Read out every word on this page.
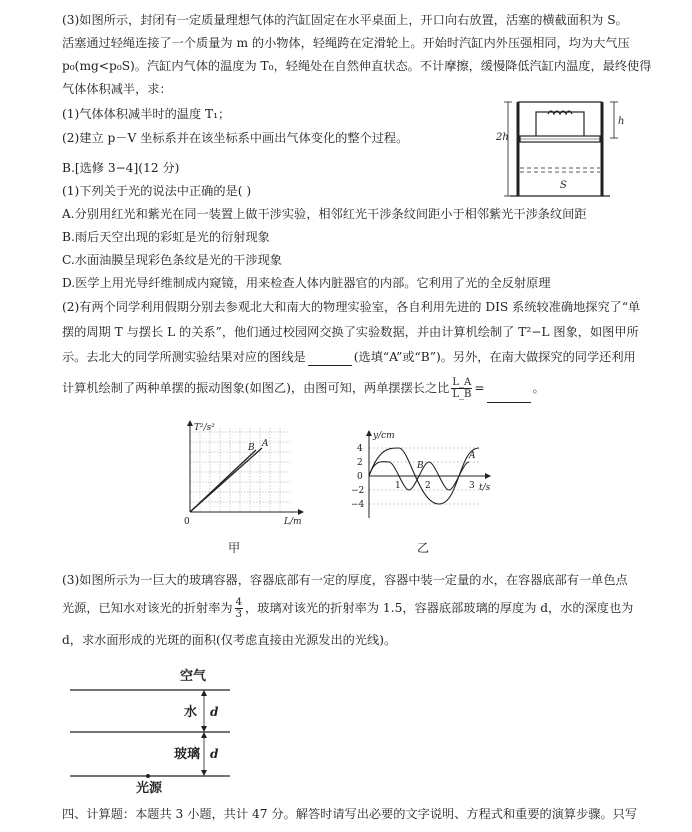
(3)如图所示，封闭有一定质量理想气体的汽缸固定在水平桌面上，开口向右放置，活塞的横截面积为 S。
活塞通过轻绳连接了一个质量为 m 的小物体，轻绳跨在定滑轮上。开始时汽缸内外压强相同，均为大气压
p₀(mg<p₀S)。汽缸内气体的温度为 T₀，轻绳处在自然伸直状态。不计摩擦，缓慢降低汽缸内温度，最终使得
气体体积减半，求：
(1)气体体积减半时的温度 T₁；
(2)建立 p－V 坐标系并在该坐标系中画出气体变化的整个过程。	2h
h
S
B.[选修 3−4](12 分)
(1)下列关于光的说法中正确的是( )
A.分别用红光和紫光在同一装置上做干涉实验，相邻红光干涉条纹间距小于相邻紫光干涉条纹间距
B.雨后天空出现的彩虹是光的衍射现象
C.水面油膜呈现彩色条纹是光的干涉现象
D.医学上用光导纤维制成内窥镜，用来检查人体内脏器官的内部。它利用了光的全反射原理
(2)有两个同学利用假期分别去参观北大和南大的物理实验室，各自利用先进的 DIS 系统较准确地探究了“单
摆的周期 T 与摆长 L 的关系”，他们通过校园网交换了实验数据，并由计算机绘制了 T²−L 图象，如图甲所
示。去北大的同学所测实验结果对应的图线是	(选填“A”或“B”)。另外，在南大做探究的同学还利用
计算机绘制了两种单摆的振动图象(如图乙)，由图可知，两单摆摆长之比 $\frac{L\_A}{L\_B}$ =	。
T²/s²
L/m
0
A
B
甲
y/cm
t/s
4
2
0
−2
−4
1	2	3
A
B
乙
(3)如图所示为一巨大的玻璃容器，容器底部有一定的厚度，容器中装一定量的水，在容器底部有一单色点
光源，已知水对该光的折射率为 $\frac{4}{3}$ ，玻璃对该光的折射率为 1.5，容器底部玻璃的厚度为 d，水的深度也为
d，求水面形成的光斑的面积(仅考虑直接由光源发出的光线)。
空气
水 d
玻璃 d
光源
四、计算题：本题共 3 小题，共计 47 分。解答时请写出必要的文字说明、方程式和重要的演算步骤。只写
